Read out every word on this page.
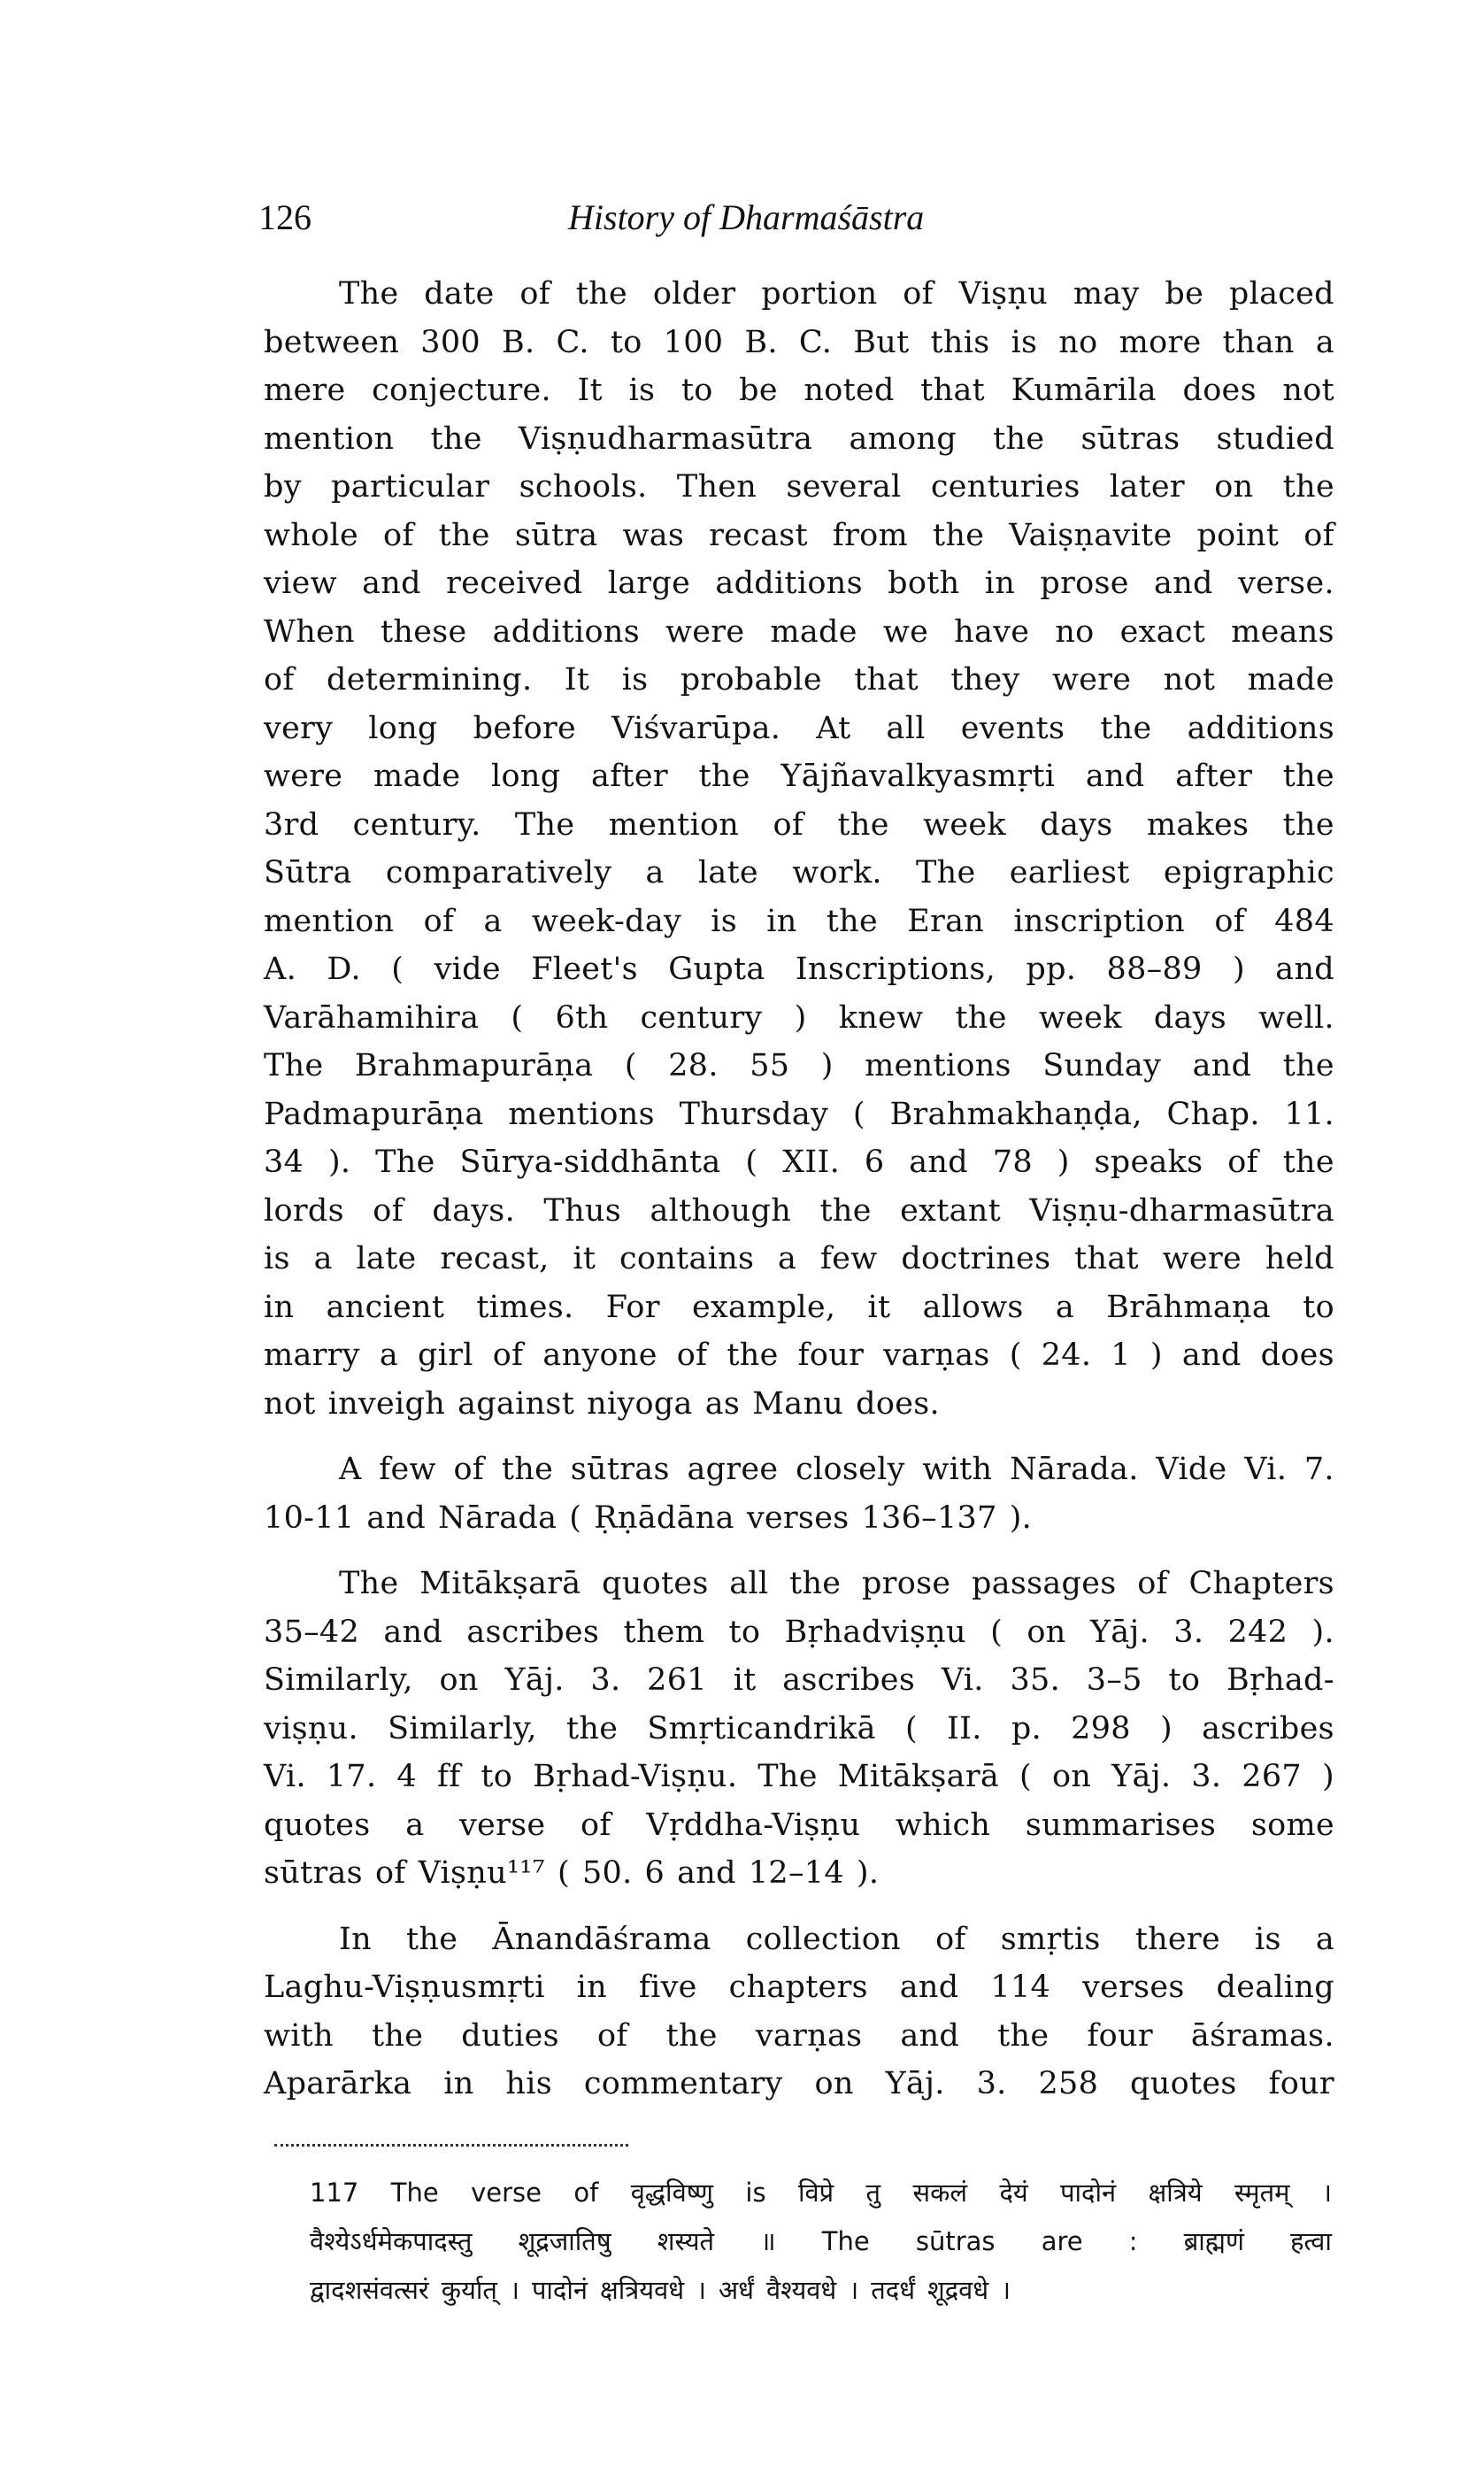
126	History of Dharmaśāstra
The date of the older portion of Viṣṇu may be placed
between 300 B. C. to 100 B. C. But this is no more than a
mere conjecture. It is to be noted that Kumārila does not
mention the Viṣṇudharmasūtra among the sūtras studied
by particular schools. Then several centuries later on the
whole of the sūtra was recast from the Vaiṣṇavite point of
view and received large additions both in prose and verse.
When these additions were made we have no exact means
of determining. It is probable that they were not made
very long before Viśvarūpa. At all events the additions
were made long after the Yājñavalkyasmṛti and after the
3rd century. The mention of the week days makes the
Sūtra comparatively a late work. The earliest epigraphic
mention of a week-day is in the Eran inscription of 484
A. D. ( vide Fleet's Gupta Inscriptions, pp. 88–89 ) and
Varāhamihira ( 6th century ) knew the week days well.
The Brahmapurāṇa ( 28. 55 ) mentions Sunday and the
Padmapurāṇa mentions Thursday ( Brahmakhaṇḍa, Chap. 11.
34 ). The Sūrya-siddhānta ( XII. 6 and 78 ) speaks of the
lords of days. Thus although the extant Viṣṇu-dharmasūtra
is a late recast, it contains a few doctrines that were held
in ancient times. For example, it allows a Brāhmaṇa to
marry a girl of anyone of the four varṇas ( 24. 1 ) and does
not inveigh against niyoga as Manu does.
A few of the sūtras agree closely with Nārada. Vide Vi. 7.
10-11 and Nārada ( Ṛṇādāna verses 136–137 ).
The Mitākṣarā quotes all the prose passages of Chapters
35–42 and ascribes them to Bṛhadviṣṇu ( on Yāj. 3. 242 ).
Similarly, on Yāj. 3. 261 it ascribes Vi. 35. 3–5 to Bṛhad-
viṣṇu. Similarly, the Smṛticandrikā ( II. p. 298 ) ascribes
Vi. 17. 4 ff to Bṛhad-Viṣṇu. The Mitākṣarā ( on Yāj. 3. 267 )
quotes a verse of Vṛddha-Viṣṇu which summarises some
sūtras of Viṣṇu¹¹⁷ ( 50. 6 and 12–14 ).
In the Ānandāśrama collection of smṛtis there is a
Laghu-Viṣṇusmṛti in five chapters and 114 verses dealing
with the duties of the varṇas and the four āśramas.
Aparārka in his commentary on Yāj. 3. 258 quotes four
117 The verse of वृद्धविष्णु is विप्रे तु सकलं देयं पादोनं क्षत्रिये स्मृतम् ।
वैश्येऽर्धमेकपादस्तु शूद्रजातिषु शस्यते ॥ The sūtras are : ब्राह्मणं हत्वा
द्वादशसंवत्सरं कुर्यात् । पादोनं क्षत्रियवधे । अर्धं वैश्यवधे । तदर्धं शूद्रवधे ।
